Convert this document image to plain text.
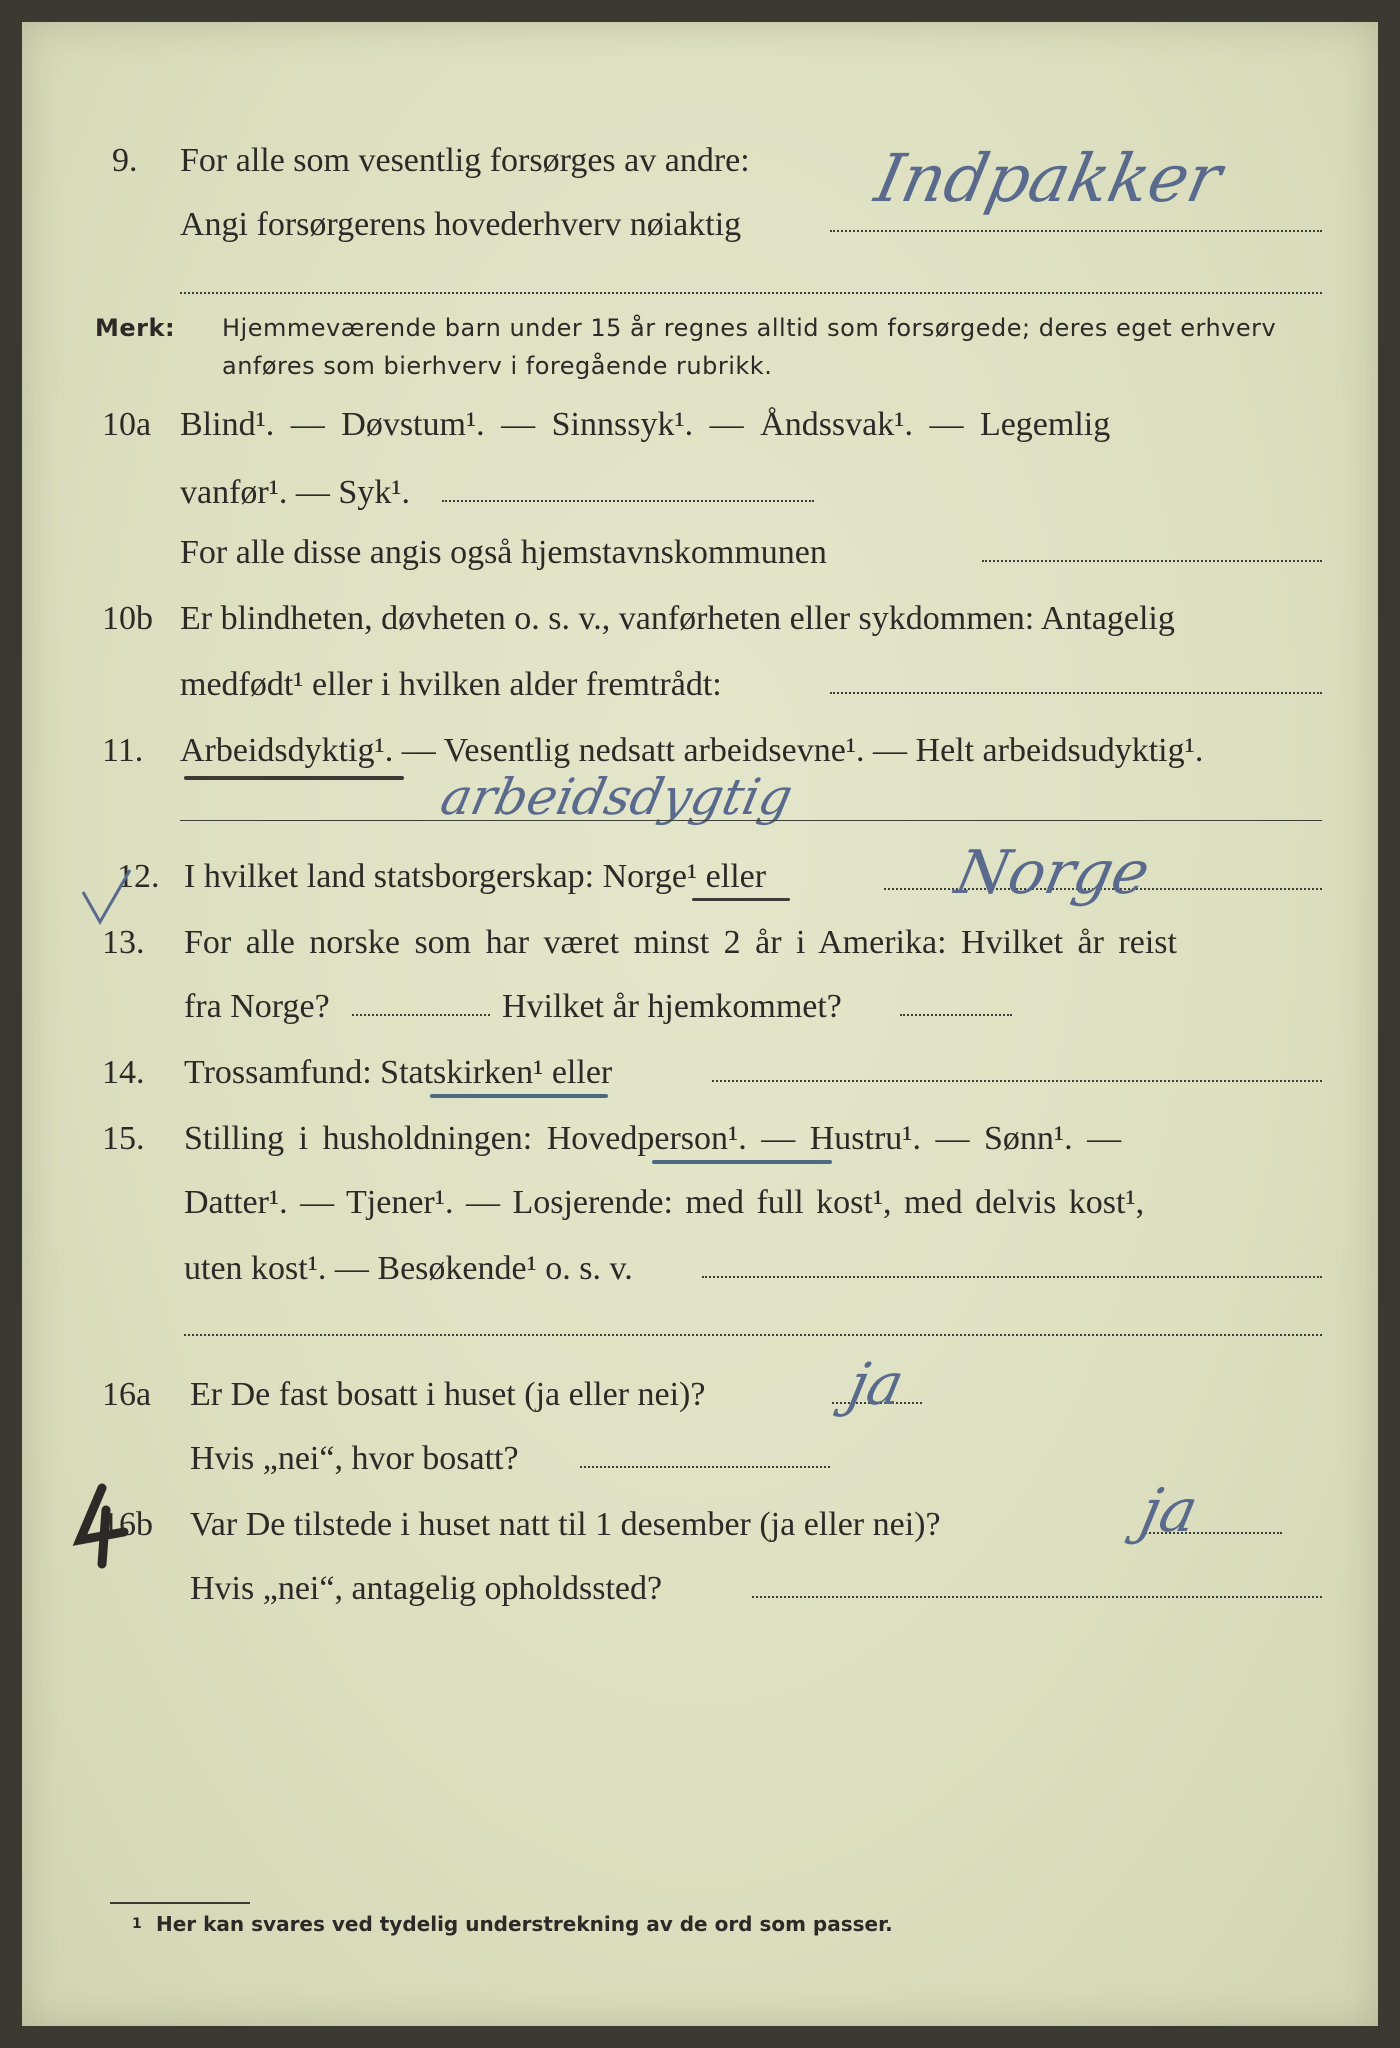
9. For alle som vesentlig forsørges av andre:
Angi forsørgerens hovederhverv nøiaktig
Indpakker
Merk: Hjemmeværende barn under 15 år regnes alltid som forsørgede; deres eget erhverv
anføres som bierhverv i foregående rubrikk.
10a Blind¹. — Døvstum¹. — Sinnssyk¹. — Åndssvak¹. — Legemlig
vanfør¹. — Syk¹.
For alle disse angis også hjemstavnskommunen
10b Er blindheten, døvheten o. s. v., vanførheten eller sykdommen: Antagelig
medfødt¹ eller i hvilken alder fremtrådt:
11. Arbeidsdyktig¹. — Vesentlig nedsatt arbeidsevne¹. — Helt arbeidsudyktig¹.
arbeidsdygtig
12. I hvilket land statsborgerskap: Norge¹ eller	Norge
13. For alle norske som har været minst 2 år i Amerika: Hvilket år reist
fra Norge?	Hvilket år hjemkommet?
14. Trossamfund: Statskirken¹ eller
15. Stilling i husholdningen: Hovedperson¹. — Hustru¹. — Sønn¹. —
Datter¹. — Tjener¹. — Losjerende: med full kost¹, med delvis kost¹,
uten kost¹. — Besøkende¹ o. s. v.
16a Er De fast bosatt i huset (ja eller nei)? ja
Hvis „nei“, hvor bosatt?
16b Var De tilstede i huset natt til 1 desember (ja eller nei)?	ja
Hvis „nei“, antagelig opholdssted?
1 Her kan svares ved tydelig understrekning av de ord som passer.
